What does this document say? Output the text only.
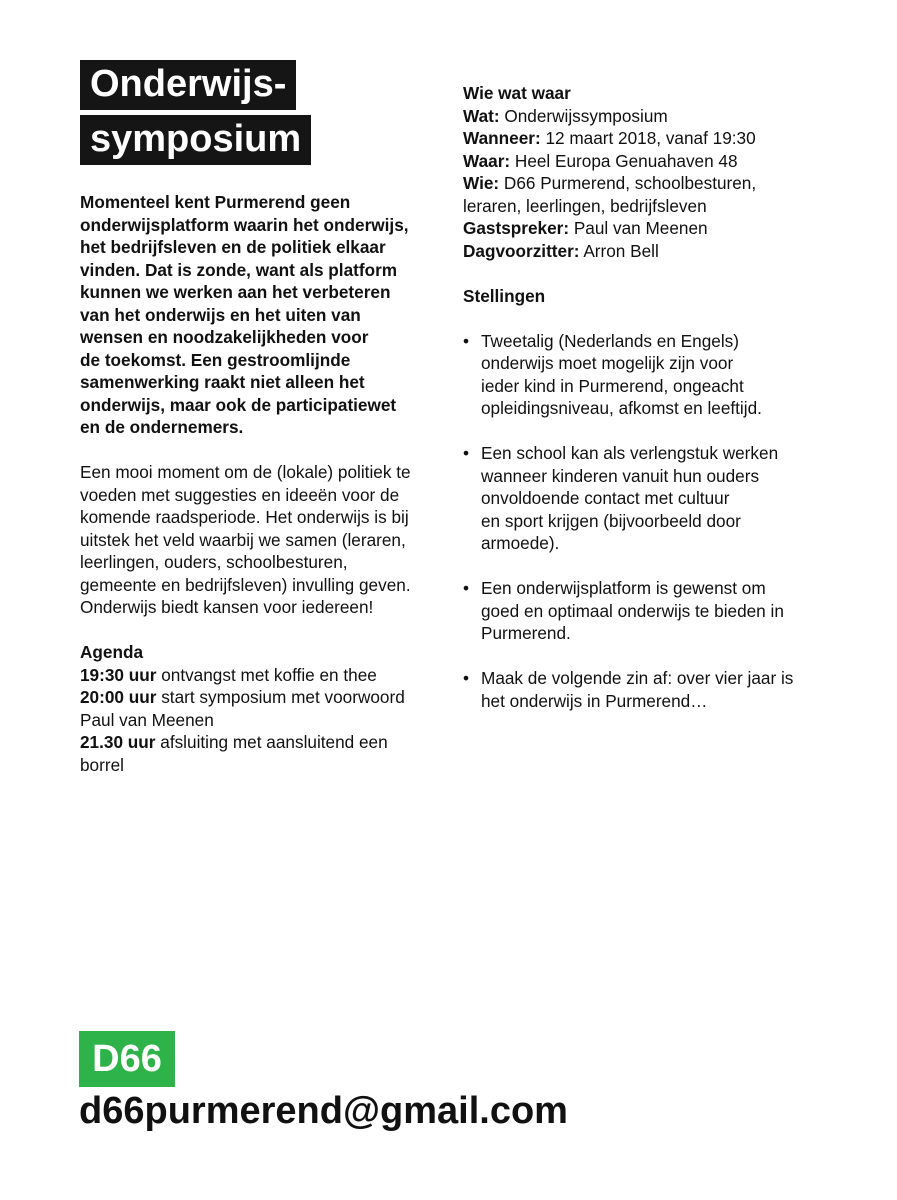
Onderwijs-
symposium
Momenteel kent Purmerend geen
onderwijsplatform waarin het onderwijs,
het bedrijfsleven en de politiek elkaar
vinden. Dat is zonde, want als platform
kunnen we werken aan het verbeteren
van het onderwijs en het uiten van
wensen en noodzakelijkheden voor
de toekomst. Een gestroomlijnde
samenwerking raakt niet alleen het
onderwijs, maar ook de participatiewet
en de ondernemers.
Een mooi moment om de (lokale) politiek te
voeden met suggesties en ideeën voor de
komende raadsperiode. Het onderwijs is bij
uitstek het veld waarbij we samen (leraren,
leerlingen, ouders, schoolbesturen,
gemeente en bedrijfsleven) invulling geven.
Onderwijs biedt kansen voor iedereen!
Agenda
19:30 uur ontvangst met koffie en thee
20:00 uur start symposium met voorwoord
Paul van Meenen
21.30 uur afsluiting met aansluitend een
borrel
Wie wat waar
Wat: Onderwijssymposium
Wanneer: 12 maart 2018, vanaf 19:30
Waar: Heel Europa Genuahaven 48
Wie: D66 Purmerend, schoolbesturen,
leraren, leerlingen, bedrijfsleven
Gastspreker: Paul van Meenen
Dagvoorzitter: Arron Bell
Stellingen
• Tweetalig (Nederlands en Engels)
onderwijs moet mogelijk zijn voor
ieder kind in Purmerend, ongeacht
opleidingsniveau, afkomst en leeftijd.
• Een school kan als verlengstuk werken
wanneer kinderen vanuit hun ouders
onvoldoende contact met cultuur
en sport krijgen (bijvoorbeeld door
armoede).
• Een onderwijsplatform is gewenst om
goed en optimaal onderwijs te bieden in
Purmerend.
• Maak de volgende zin af: over vier jaar is
het onderwijs in Purmerend…
D66
d66purmerend@gmail.com
